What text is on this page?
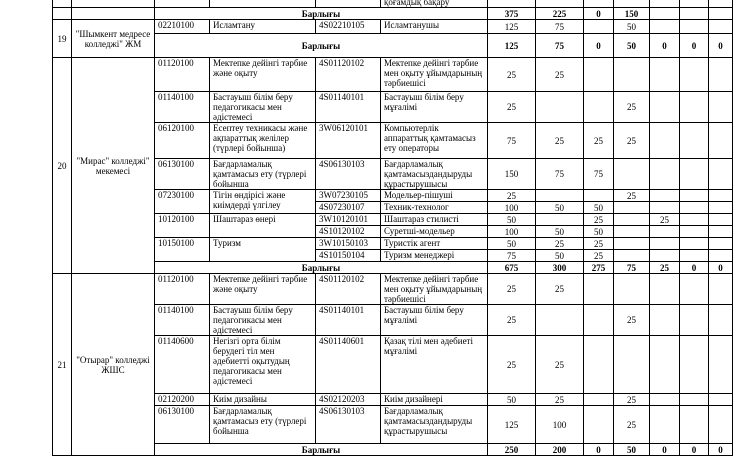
					қоғамдық бақару							
		Барлығы				375	225	0	150			
19	"Шымкент медресе колледжі" ЖМ	02210100	Исламтану	4S02210105	Исламтанушы	125	75		50			
		Барлығы				125	75	0	50	0	0	0
20	"Мирас" колледжі" мекемесі	01120100	Мектепке дейінгі тәрбие және оқыту	4S01120102	Мектепке дейінгі тәрбие мен оқыту ұйымдарының тәрбиешісі	25	25					
		01140100	Бастауыш білім беру педагогикасы мен әдістемесі	4S01140101	Бастауыш білім беру мұғалімі	25			25			
		06120100	Есептеу техникасы және ақпараттық желілер (түрлері бойынша)	3W06120101	Компьютерлік аппараттық қамтамасыз ету операторы	75	25	25	25			
		06130100	Бағдарламалық қамтамасыз ету (түрлері бойынша	4S06130103	Бағдарламалық қамтамасыздандыруды құрастырушысы	150	75	75				
		07230100	Тігін өндірісі және киімдерді үлгілеу	3W07230105	Модельер-пішуші	25			25			
				4S07230107	Техник-технолог	100	50	50				
		10120100	Шаштараз өнері	3W10120101	Шаштараз стилисті	50		25		25		
				4S10120102	Суретші-модельер	100	50	50				
		10150100	Туризм	3W10150103	Туристік агент	50	25	25				
				4S10150104	Туризм менеджері	75	50	25				
		Барлығы				675	300	275	75	25	0	0
21	"Отырар" колледжі ЖШС	01120100	Мектепке дейінгі тәрбие және оқыту	4S01120102	Мектепке дейінгі тәрбие мен оқыту ұйымдарының тәрбиешісі	25	25					
		01140100	Бастауыш білім беру педагогикасы мен әдістемесі	4S01140101	Бастауыш білім беру мұғалімі	25			25			
		01140600	Негізгі орта білім берудегі тіл мен әдебиетті оқытудың педагогикасы мен әдістемесі	4S01140601	Қазақ тілі мен әдебиеті мұғалімі	25	25					
		02120200	Киім дизайны	4S02120203	Киім дизайнері	50	25		25			
		06130100	Бағдарламалық қамтамасыз ету (түрлері бойынша	4S06130103	Бағдарламалық қамтамасыздандыруды құрастырушысы	125	100		25			
		Барлығы				250	200	0	50	0	0	0
